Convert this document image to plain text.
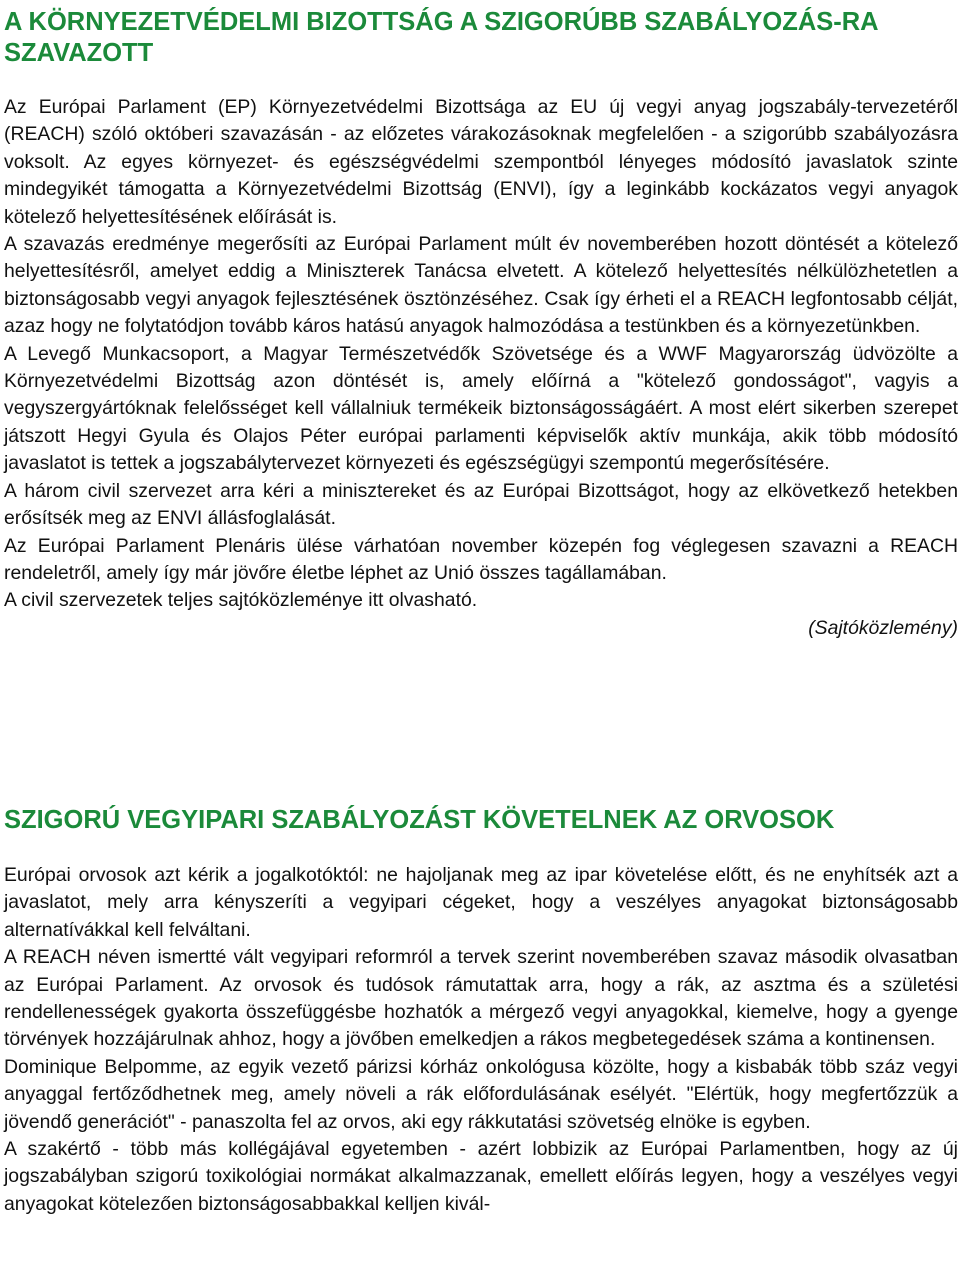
A KÖRNYEZETVÉDELMI BIZOTTSÁG A SZIGORÚBB SZABÁLYOZÁS-RA SZAVAZOTT

Az Európai Parlament (EP) Környezetvédelmi Bizottsága az EU új vegyi anyag jogszabály-tervezetéről (REACH) szóló októberi szavazásán - az előzetes várakozásoknak megfelelően - a szigorúbb szabályozásra voksolt. Az egyes környezet- és egészségvédelmi szempontból lényeges módosító javaslatok szinte mindegyikét támogatta a Környezetvédelmi Bizottság (ENVI), így a leginkább kockázatos vegyi anyagok kötelező helyettesítésének előírását is.

A szavazás eredménye megerősíti az Európai Parlament múlt év novemberében hozott döntését a kötelező helyettesítésről, amelyet eddig a Miniszterek Tanácsa elvetett. A kötelező helyettesítés nélkülözhetetlen a biztonságosabb vegyi anyagok fejlesztésének ösztönzéséhez. Csak így érheti el a REACH legfontosabb célját, azaz hogy ne folytatódjon tovább káros hatású anyagok halmozódása a testünkben és a környezetünkben.

A Levegő Munkacsoport, a Magyar Természetvédők Szövetsége és a WWF Magyarország üdvözölte a Környezetvédelmi Bizottság azon döntését is, amely előírná a "kötelező gondosságot", vagyis a vegyszergyártóknak felelősséget kell vállalniuk termékeik biztonságosságáért. A most elért sikerben szerepet játszott Hegyi Gyula és Olajos Péter európai parlamenti képviselők aktív munkája, akik több módosító javaslatot is tettek a jogszabálytervezet környezeti és egészségügyi szempontú megerősítésére.

A három civil szervezet arra kéri a minisztereket és az Európai Bizottságot, hogy az elkövetkező hetekben erősítsék meg az ENVI állásfoglalását.

Az Európai Parlament Plenáris ülése várhatóan november közepén fog véglegesen szavazni a REACH rendeletről, amely így már jövőre életbe léphet az Unió összes tagállamában.

A civil szervezetek teljes sajtóközleménye itt olvasható.

(Sajtóközlemény)

SZIGORÚ VEGYIPARI SZABÁLYOZÁST KÖVETELNEK AZ ORVOSOK

Európai orvosok azt kérik a jogalkotóktól: ne hajoljanak meg az ipar követelése előtt, és ne enyhítsék azt a javaslatot, mely arra kényszeríti a vegyipari cégeket, hogy a veszélyes anyagokat biztonságosabb alternatívákkal kell felváltani.

A REACH néven ismertté vált vegyipari reformról a tervek szerint novemberében szavaz második olvasatban az Európai Parlament. Az orvosok és tudósok rámutattak arra, hogy a rák, az asztma és a születési rendellenességek gyakorta összefüggésbe hozhatók a mérgező vegyi anyagokkal, kiemelve, hogy a gyenge törvények hozzájárulnak ahhoz, hogy a jövőben emelkedjen a rákos megbetegedések száma a kontinensen.

Dominique Belpomme, az egyik vezető párizsi kórház onkológusa közölte, hogy a kisbabák több száz vegyi anyaggal fertőződhetnek meg, amely növeli a rák előfordulásának esélyét. "Elértük, hogy megfertőzzük a jövendő generációt" - panaszolta fel az orvos, aki egy rákkutatási szövetség elnöke is egyben.

A szakértő - több más kollégájával egyetemben - azért lobbizik az Európai Parlamentben, hogy az új jogszabályban szigorú toxikológiai normákat alkalmazzanak, emellett előírás legyen, hogy a veszélyes vegyi anyagokat kötelezően biztonságosabbakkal kelljen kivál-
